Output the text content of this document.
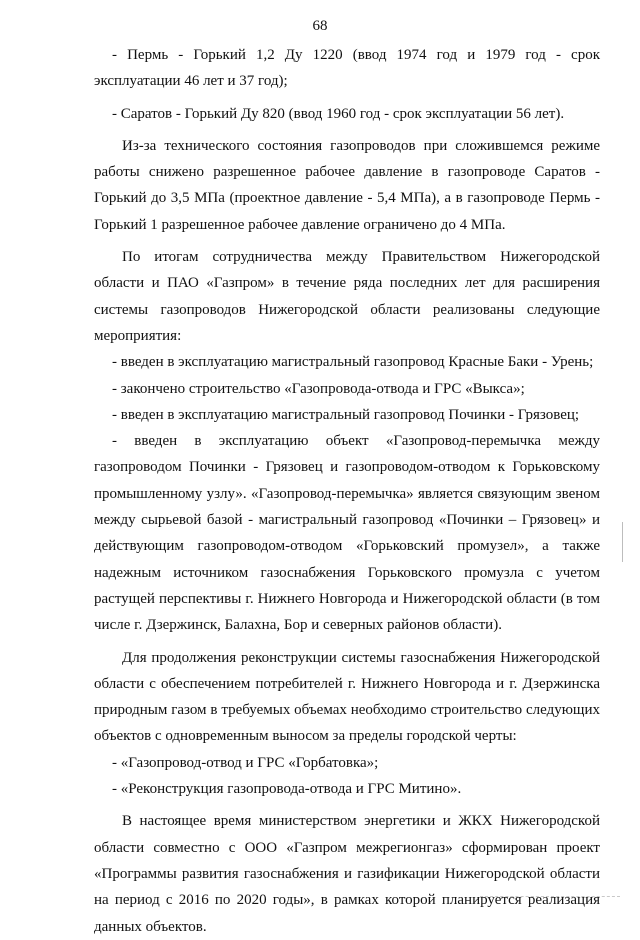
68

- Пермь - Горький 1,2 Ду 1220 (ввод 1974 год и 1979 год - срок эксплуатации 46 лет и 37 год);

- Саратов - Горький Ду 820 (ввод 1960 год - срок эксплуатации 56 лет).

Из-за технического состояния газопроводов при сложившемся режиме работы снижено разрешенное рабочее давление в газопроводе Саратов - Горький до 3,5 МПа (проектное давление - 5,4 МПа), а в газопроводе Пермь - Горький 1 разрешенное рабочее давление ограничено до 4 МПа.

По итогам сотрудничества между Правительством Нижегородской области и ПАО «Газпром» в течение ряда последних лет для расширения системы газопроводов Нижегородской области реализованы следующие мероприятия:

- введен в эксплуатацию магистральный газопровод Красные Баки - Урень;

- закончено строительство «Газопровода-отвода и ГРС «Выкса»;

- введен в эксплуатацию магистральный газопровод Починки - Грязовец;

- введен в эксплуатацию объект «Газопровод-перемычка между газопроводом Починки - Грязовец и газопроводом-отводом к Горьковскому промышленному узлу». «Газопровод-перемычка» является связующим звеном между сырьевой базой - магистральный газопровод «Починки – Грязовец» и действующим газопроводом-отводом «Горьковский промузел», а также надежным источником газоснабжения Горьковского промузла с учетом растущей перспективы г. Нижнего Новгорода и Нижегородской области (в том числе г. Дзержинск, Балахна, Бор и северных районов области).

Для продолжения реконструкции системы газоснабжения Нижегородской области с обеспечением потребителей г. Нижнего Новгорода и г. Дзержинска природным газом в требуемых объемах необходимо строительство следующих объектов с одновременным выносом за пределы городской черты:

- «Газопровод-отвод и ГРС «Горбатовка»;

- «Реконструкция газопровода-отвода и ГРС Митино».

В настоящее время министерством энергетики и ЖКХ Нижегородской области совместно с ООО «Газпром межрегионгаз» сформирован проект «Программы развития газоснабжения и газификации Нижегородской области на период с 2016 по 2020 годы», в рамках которой планируется реализация данных объектов.
